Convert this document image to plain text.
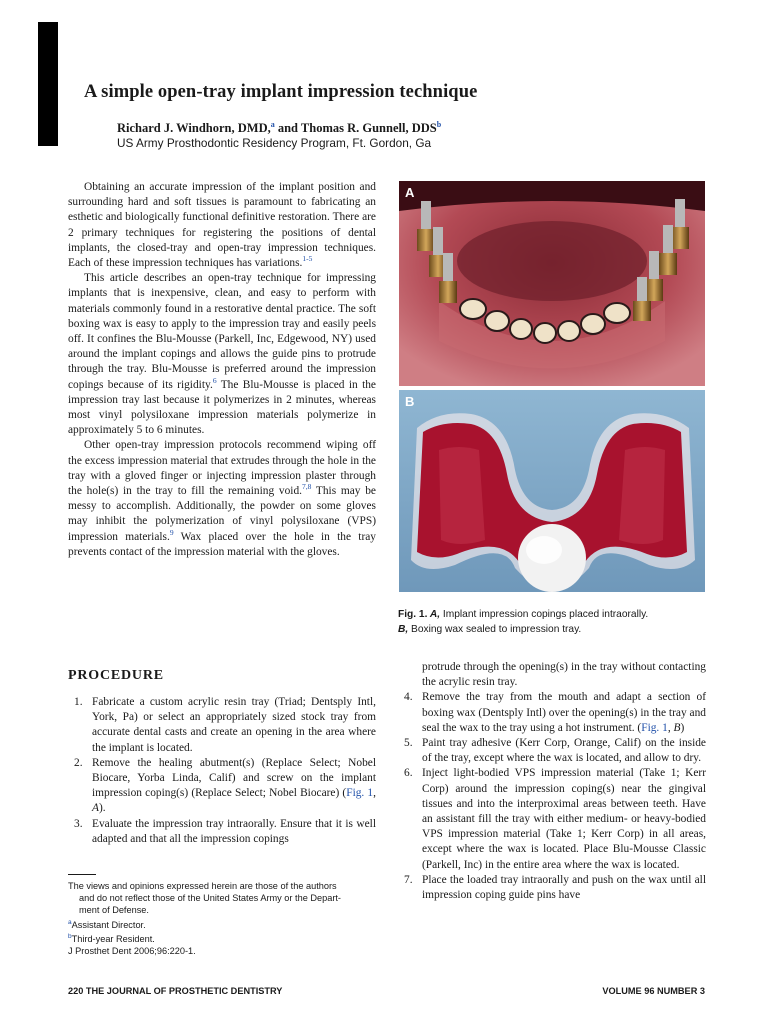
A simple open-tray implant impression technique
Richard J. Windhorn, DMD,$^a$ and Thomas R. Gunnell, DDS$^b$
US Army Prosthodontic Residency Program, Ft. Gordon, Ga

Obtaining an accurate impression of the implant position and surrounding hard and soft tissues is paramount to fabricating an esthetic and biologically functional definitive restoration. There are 2 primary techniques for registering the positions of dental implants, the closed-tray and open-tray impression techniques. Each of these impression techniques has variations.$^{1-5}$

This article describes an open-tray technique for impressing implants that is inexpensive, clean, and easy to perform with materials commonly found in a restorative dental practice. The soft boxing wax is easy to apply to the impression tray and easily peels off. It confines the Blu-Mousse (Parkell, Inc, Edgewood, NY) used around the implant copings and allows the guide pins to protrude through the tray. Blu-Mousse is preferred around the impression copings because of its rigidity.$^6$ The Blu-Mousse is placed in the impression tray last because it polymerizes in 2 minutes, whereas most vinyl polysiloxane impression materials polymerize in approximately 5 to 6 minutes.

Other open-tray impression protocols recommend wiping off the excess impression material that extrudes through the hole in the tray with a gloved finger or injecting impression plaster through the hole(s) in the tray to fill the remaining void.$^{7,8}$ This may be messy to accomplish. Additionally, the powder on some gloves may inhibit the polymerization of vinyl polysiloxane (VPS) impression materials.$^9$ Wax placed over the hole in the tray prevents contact of the impression material with the gloves.

A
B
Fig. 1. A, Implant impression copings placed intraorally.
B, Boxing wax sealed to impression tray.
PROCEDURE
1. Fabricate a custom acrylic resin tray (Triad; Dentsply Intl, York, Pa) or select an appropriately sized stock tray from accurate dental casts and create an opening in the area where the implant is located.
2. Remove the healing abutment(s) (Replace Select; Nobel Biocare, Yorba Linda, Calif) and screw on the implant impression coping(s) (Replace Select; Nobel Biocare) (Fig. 1, A).
3. Evaluate the impression tray intraorally. Ensure that it is well adapted and that all the impression copings

The views and opinions expressed herein are those of the authors

and do not reflect those of the United States Army or the Depart-

ment of Defense.

$^a$Assistant Director.

$^b$Third-year Resident.

J Prosthet Dent 2006;96:220-1.

protrude through the opening(s) in the tray without contacting the acrylic resin tray.
4. Remove the tray from the mouth and adapt a section of boxing wax (Dentsply Intl) over the opening(s) in the tray and seal the wax to the tray using a hot instrument. (Fig. 1, B)
5. Paint tray adhesive (Kerr Corp, Orange, Calif) on the inside of the tray, except where the wax is located, and allow to dry.
6. Inject light-bodied VPS impression material (Take 1; Kerr Corp) around the impression coping(s) near the gingival tissues and into the interproximal areas between teeth. Have an assistant fill the tray with either medium- or heavy-bodied VPS impression material (Take 1; Kerr Corp) in all areas, except where the wax is located. Place Blu-Mousse Classic (Parkell, Inc) in the entire area where the wax is located.
7. Place the loaded tray intraorally and push on the wax until all impression coping guide pins have
220 THE JOURNAL OF PROSTHETIC DENTISTRY	VOLUME 96 NUMBER 3
